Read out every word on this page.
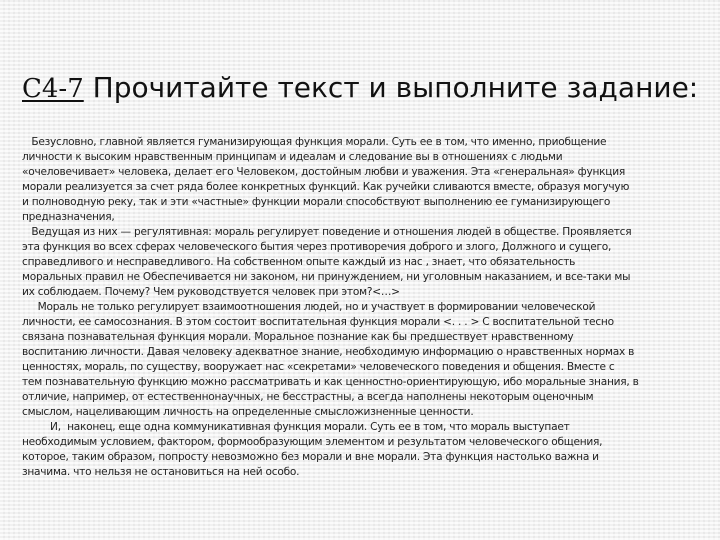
С4-7 Прочитайте текст и выполните задание:

Безусловно, главной является гуманизирующая функция морали. Суть ее в том, что именно, приобщение
личности к высоким нравственным принципам и идеалам и следование вы в отношениях с людьми
«очеловечивает» человека, делает его Человеком, достойным любви и уважения. Эта «генеральная» функция
морали реализуется за счет ряда более конкретных функций. Как ручейки сливаются вместе, образуя могучую
и полноводную реку, так и эти «частные» функции морали способствуют выполнению ее гуманизирующего
предназначения,

Ведущая из них — регулятивная: мораль регулирует поведение и отношения людей в обществе. Проявляется
эта функция во всех сферах человеческого бытия через противоречия доброго и злого, Должного и сущего,
справедливого и несправедливого. На собственном опыте каждый из нас , знает, что обязательность
моральных правил не Обеспечивается ни законом, ни принуждением, ни уголовным наказанием, и все-таки мы
их соблюдаем. Почему? Чем руководствуется человек при этом?<…>

Мораль не только регулирует взаимоотношения людей, но и участвует в формировании человеческой
личности, ее самосознания. В этом состоит воспитательная функция морали <. . . > С воспитательной тесно
связана познавательная функция морали. Моральное познание как бы предшествует нравственному
воспитанию личности. Давая человеку адекватное знание, необходимую информацию о нравственных нормах в
ценностях, мораль, по существу, вооружает нас «секретами» человеческого поведения и общения. Вместе с
тем познавательную функцию можно рассматривать и как ценностно-ориентирующую, ибо моральные знания, в
отличие, например, от естественнонаучных, не бесстрастны, а всегда наполнены некоторым оценочным
смыслом, нацеливающим личность на определенные смысложизненные ценности.

И,  наконец, еще одна коммуникативная функция морали. Суть ее в том, что мораль выступает
необходимым условием, фактором, формообразующим элементом и результатом человеческого общения,
которое, таким образом, попросту невозможно без морали и вне морали. Эта функция настолько важна и
значима. что нельзя не остановиться на ней особо.
